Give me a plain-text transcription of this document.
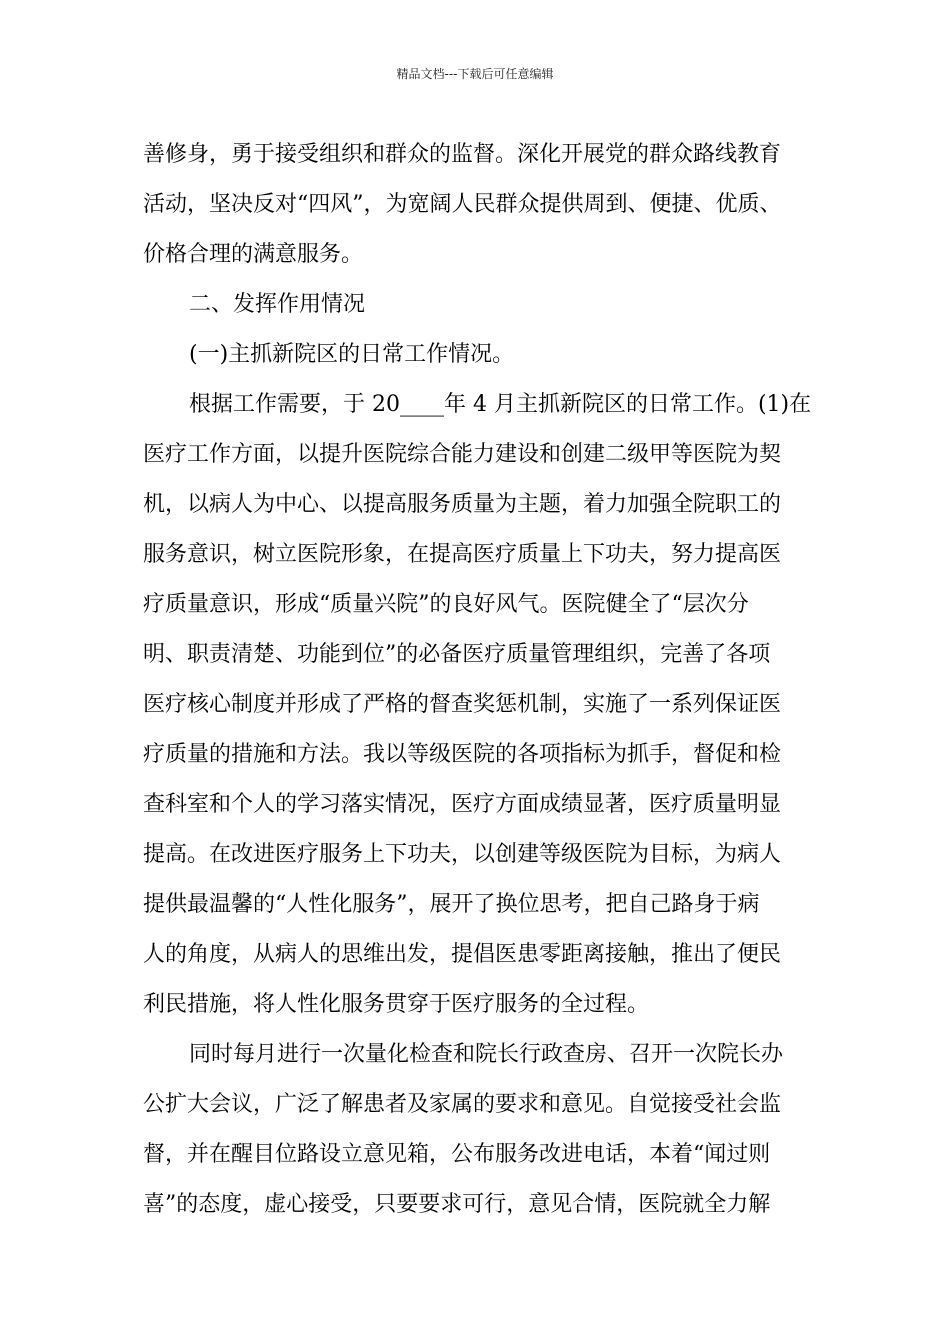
精品文档---下载后可任意编辑
善修身，勇于接受组织和群众的监督。深化开展党的群众路线教育
活动，坚决反对“四风”，为宽阔人民群众提供周到、便捷、优质、
价格合理的满意服务。
二、发挥作用情况
(一)主抓新院区的日常工作情况。
根据工作需要，于 20____年 4 月主抓新院区的日常工作。(1)在
医疗工作方面，以提升医院综合能力建设和创建二级甲等医院为契
机，以病人为中心、以提高服务质量为主题，着力加强全院职工的
服务意识，树立医院形象，在提高医疗质量上下功夫，努力提高医
疗质量意识，形成“质量兴院”的良好风气。医院健全了“层次分
明、职责清楚、功能到位”的必备医疗质量管理组织，完善了各项
医疗核心制度并形成了严格的督查奖惩机制，实施了一系列保证医
疗质量的措施和方法。我以等级医院的各项指标为抓手，督促和检
查科室和个人的学习落实情况，医疗方面成绩显著，医疗质量明显
提高。在改进医疗服务上下功夫，以创建等级医院为目标，为病人
提供最温馨的“人性化服务”，展开了换位思考，把自己路身于病
人的角度，从病人的思维出发，提倡医患零距离接触，推出了便民
利民措施，将人性化服务贯穿于医疗服务的全过程。
同时每月进行一次量化检查和院长行政查房、召开一次院长办
公扩大会议，广泛了解患者及家属的要求和意见。自觉接受社会监
督，并在醒目位路设立意见箱，公布服务改进电话，本着“闻过则
喜”的态度，虚心接受，只要要求可行，意见合情，医院就全力解
